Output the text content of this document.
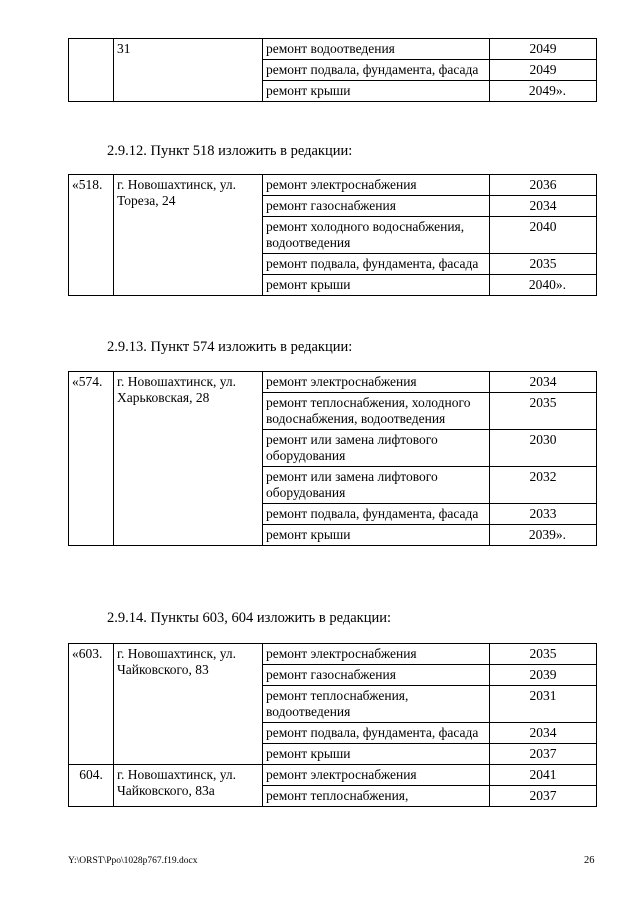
	31	ремонт водоотведения	2049
		ремонт подвала, фундамента, фасада	2049
		ремонт крыши	2049».
2.9.12. Пункт 518 изложить в редакции:
«518.	г. Новошахтинск, ул. Тореза, 24	ремонт электроснабжения	2036
		ремонт газоснабжения	2034
		ремонт холодного водоснабжения, водоотведения	2040
		ремонт подвала, фундамента, фасада	2035
		ремонт крыши	2040».
2.9.13. Пункт 574 изложить в редакции:
«574.	г. Новошахтинск, ул. Харьковская, 28	ремонт электроснабжения	2034
		ремонт теплоснабжения, холодного водоснабжения, водоотведения	2035
		ремонт или замена лифтового оборудования	2030
		ремонт или замена лифтового оборудования	2032
		ремонт подвала, фундамента, фасада	2033
		ремонт крыши	2039».
2.9.14. Пункты 603, 604 изложить в редакции:
«603.	г. Новошахтинск, ул. Чайковского, 83	ремонт электроснабжения	2035
		ремонт газоснабжения	2039
		ремонт теплоснабжения, водоотведения	2031
		ремонт подвала, фундамента, фасада	2034
		ремонт крыши	2037
604.	г. Новошахтинск, ул. Чайковского, 83а	ремонт электроснабжения	2041
		ремонт теплоснабжения,	2037
Y:\ORST\Ppo\1028p767.f19.docx	26
